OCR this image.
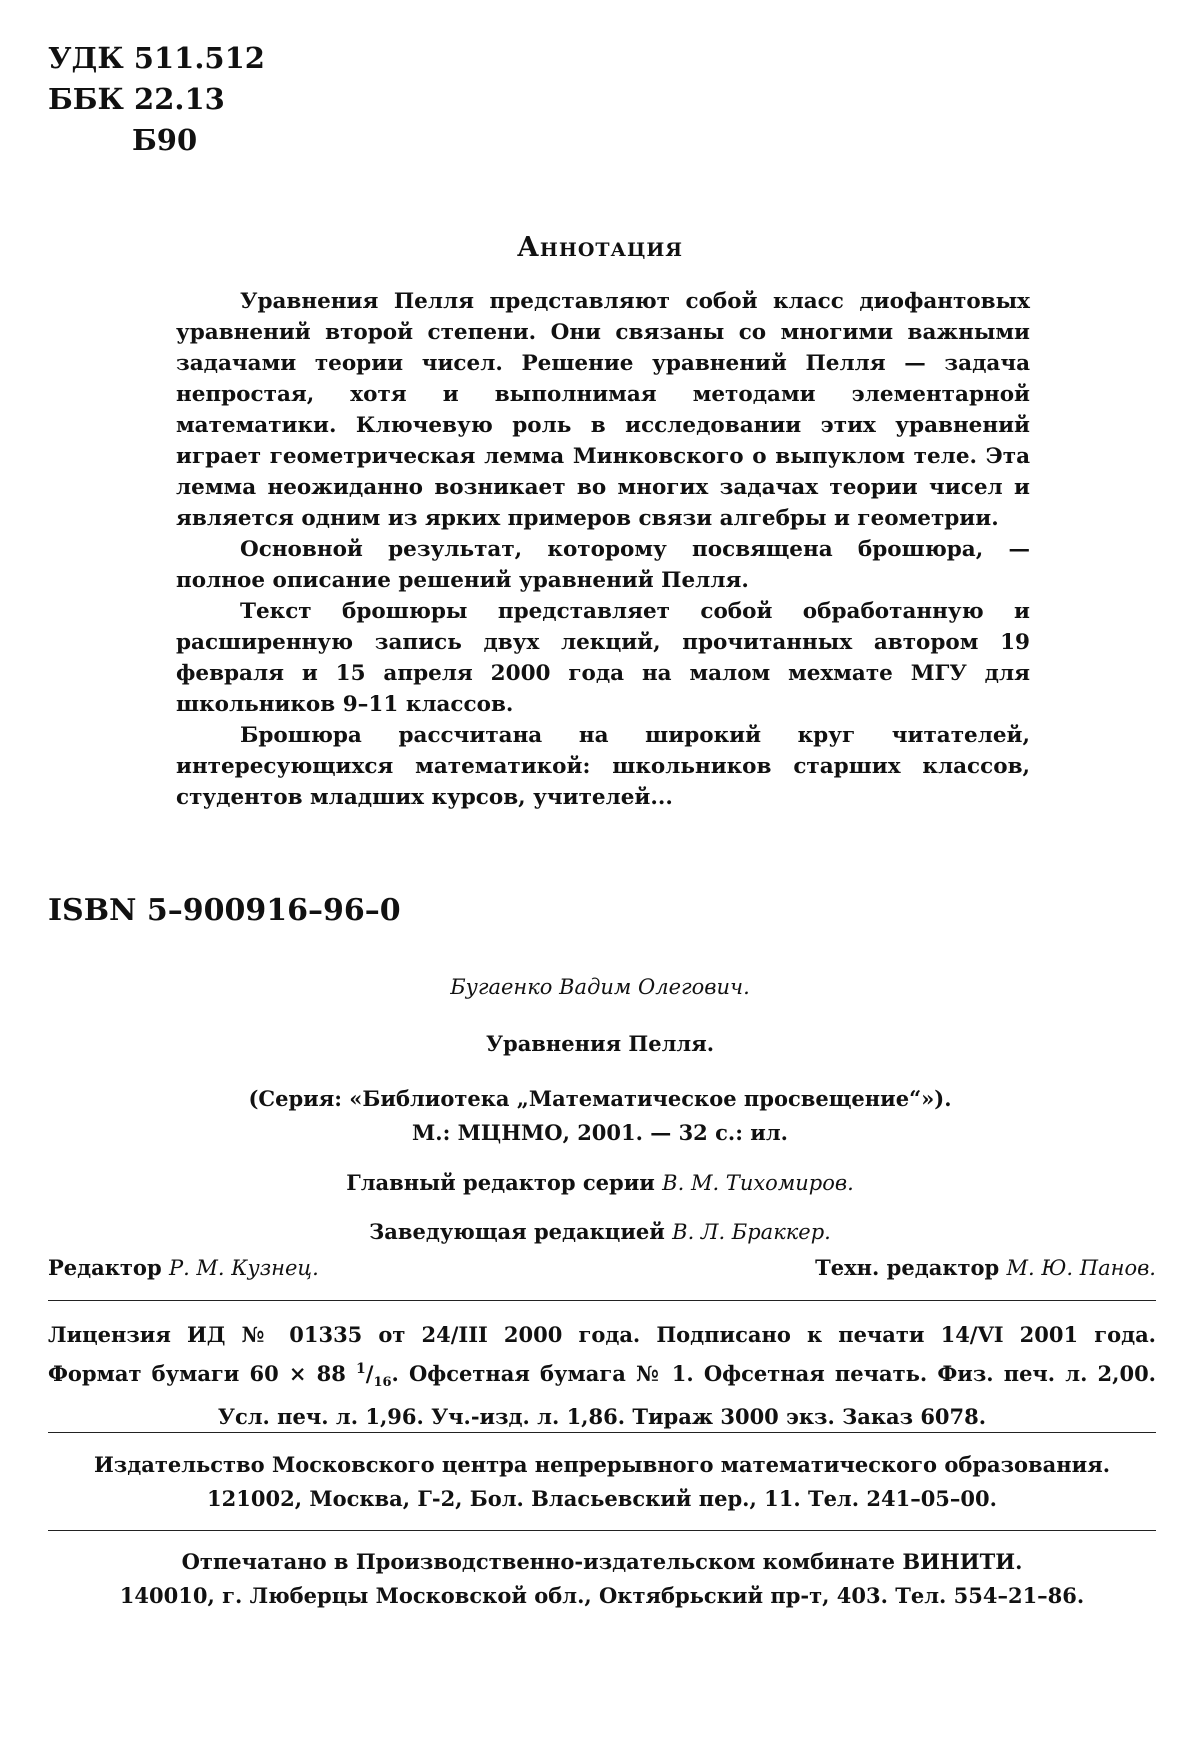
УДК 511.512
ББК 22.13
Б90
Аннотация

Уравнения Пелля представляют собой класс диофантовых уравнений второй степени. Они связаны со многими важными задачами теории чисел. Решение уравнений Пелля — задача непростая, хотя и выполнимая методами элементарной математики. Ключевую роль в исследовании этих уравнений играет геометрическая лемма Минковского о выпуклом теле. Эта лемма неожиданно возникает во многих задачах теории чисел и является одним из ярких примеров связи алгебры и геометрии.

Основной результат, которому посвящена брошюра, — полное описание решений уравнений Пелля.

Текст брошюры представляет собой обработанную и расширенную запись двух лекций, прочитанных автором 19 февраля и 15 апреля 2000 года на малом мехмате МГУ для школьников 9–11 классов.

Брошюра рассчитана на широкий круг читателей, интересующихся математикой: школьников старших классов, студентов младших курсов, учителей...

ISBN 5–900916–96–0
Бугаенко Вадим Олегович.
Уравнения Пелля.
(Серия: «Библиотека „Математическое просвещение“»).
М.: МЦНМО, 2001. — 32 с.: ил.
Главный редактор серии В. М. Тихомиров.
Заведующая редакцией В. Л. Браккер.
Редактор Р. М. Кузнец.	Техн. редактор М. Ю. Панов.
Лицензия ИД № 01335 от 24/III 2000 года. Подписано к печати 14/VI 2001 года.
Формат бумаги 60 × 88 $^1/_{16}$. Офсетная бумага № 1. Офсетная печать. Физ. печ. л. 2,00.
Усл. печ. л. 1,96. Уч.-изд. л. 1,86. Тираж 3000 экз. Заказ 6078.
Издательство Московского центра непрерывного математического образования.
121002, Москва, Г-2, Бол. Власьевский пер., 11. Тел. 241–05–00.
Отпечатано в Производственно-издательском комбинате ВИНИТИ.
140010, г. Люберцы Московской обл., Октябрьский пр-т, 403. Тел. 554–21–86.
